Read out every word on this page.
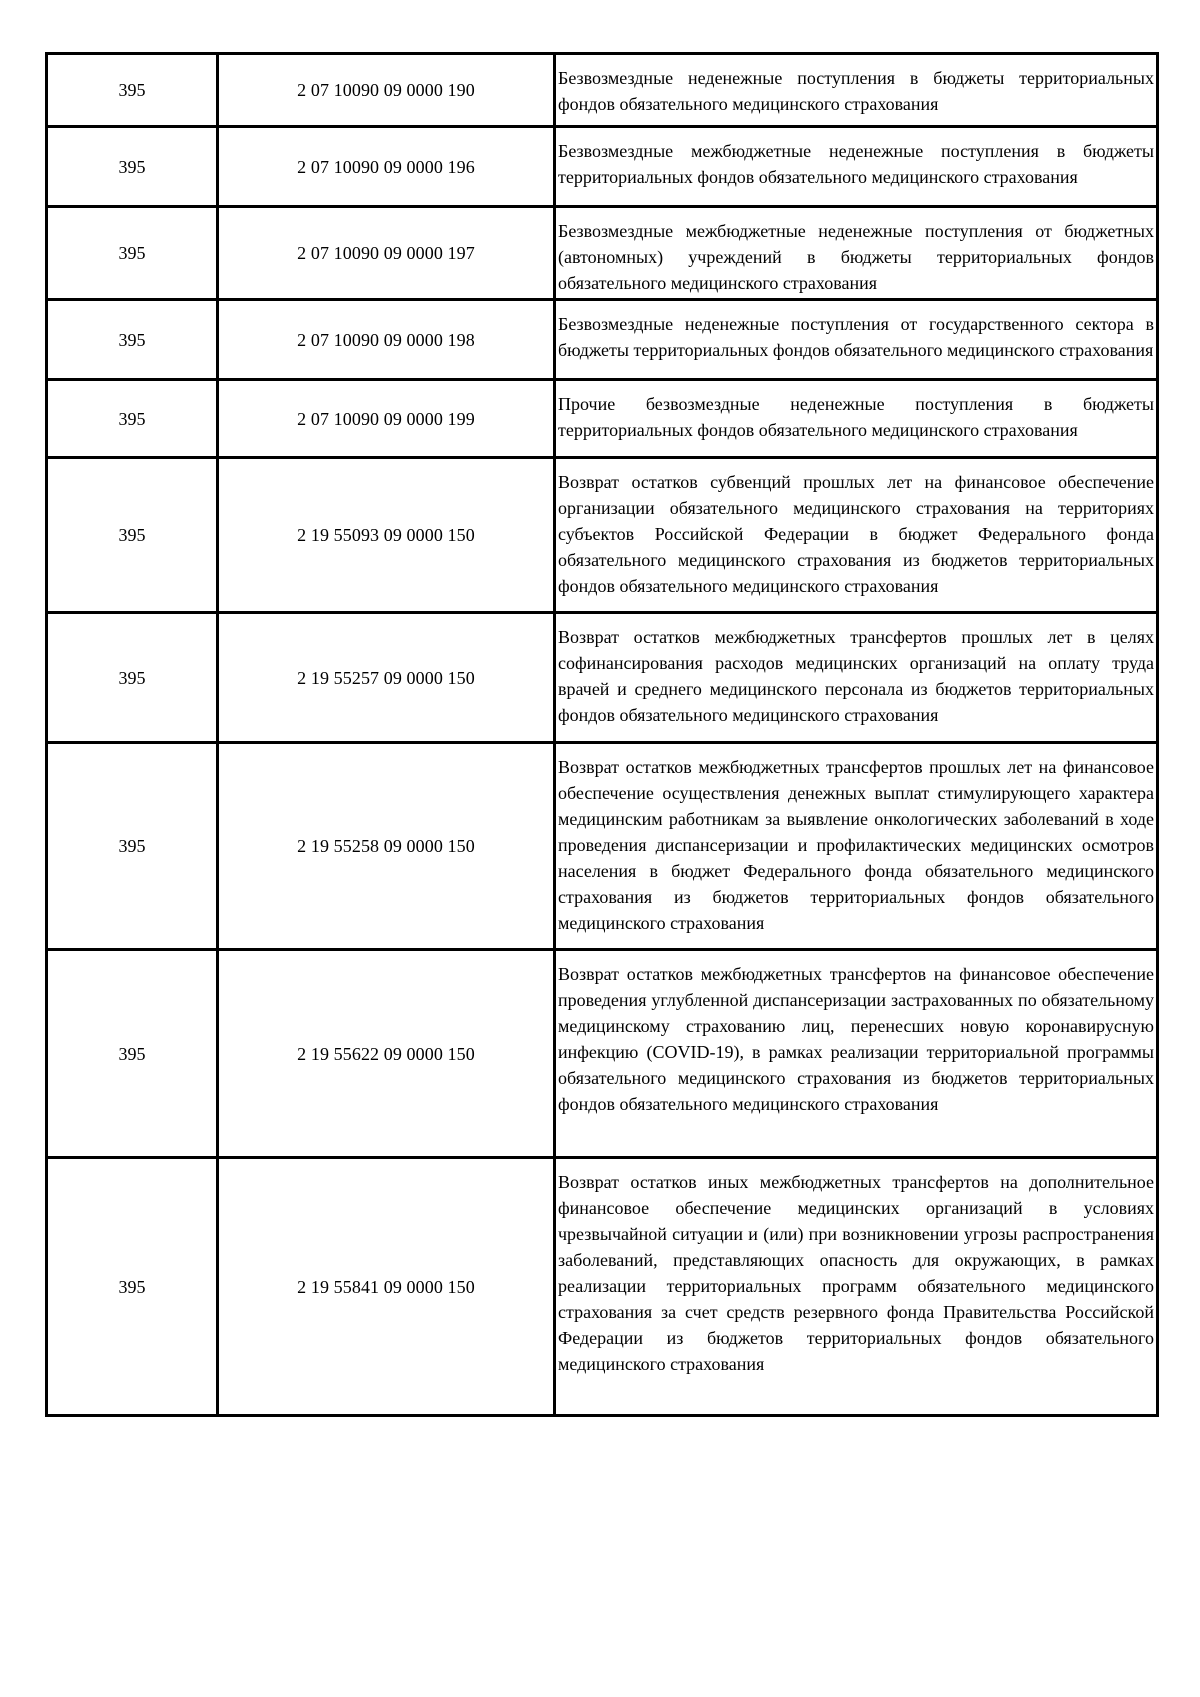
395	2 07 10090 09 0000 190	Безвозмездные неденежные поступления в бюджеты территориальных фондов обязательного медицинского страхования
395	2 07 10090 09 0000 196	Безвозмездные межбюджетные неденежные поступления в бюджеты территориальных фондов обязательного медицинского страхования
395	2 07 10090 09 0000 197	Безвозмездные межбюджетные неденежные поступления от бюджетных (автономных) учреждений в бюджеты территориальных фондов обязательного медицинского страхования
395	2 07 10090 09 0000 198	Безвозмездные неденежные поступления от государственного сектора в бюджеты территориальных фондов обязательного медицинского страхования
395	2 07 10090 09 0000 199	Прочие безвозмездные неденежные поступления в бюджеты территориальных фондов обязательного медицинского страхования
395	2 19 55093 09 0000 150	Возврат остатков субвенций прошлых лет на финансовое обеспечение организации обязательного медицинского страхования на территориях субъектов Российской Федерации в бюджет Федерального фонда обязательного медицинского страхования из бюджетов территориальных фондов обязательного медицинского страхования
395	2 19 55257 09 0000 150	Возврат остатков межбюджетных трансфертов прошлых лет в целях софинансирования расходов медицинских организаций на оплату труда врачей и среднего медицинского персонала из бюджетов территориальных фондов обязательного медицинского страхования
395	2 19 55258 09 0000 150	Возврат остатков межбюджетных трансфертов прошлых лет на финансовое обеспечение осуществления денежных выплат стимулирующего характера медицинским работникам за выявление онкологических заболеваний в ходе проведения диспансеризации и профилактических медицинских осмотров населения в бюджет Федерального фонда обязательного медицинского страхования из бюджетов территориальных фондов обязательного медицинского страхования
395	2 19 55622 09 0000 150	Возврат остатков межбюджетных трансфертов на финансовое обеспечение проведения углубленной диспансеризации застрахованных по обязательному медицинскому страхованию лиц, перенесших новую коронавирусную инфекцию (COVID-19), в рамках реализации территориальной программы обязательного медицинского страхования из бюджетов территориальных фондов обязательного медицинского страхования
395	2 19 55841 09 0000 150	Возврат остатков иных межбюджетных трансфертов на дополнительное финансовое обеспечение медицинских организаций в условиях чрезвычайной ситуации и (или) при возникновении угрозы распространения заболеваний, представляющих опасность для окружающих, в рамках реализации территориальных программ обязательного медицинского страхования за счет средств резервного фонда Правительства Российской Федерации из бюджетов территориальных фондов обязательного медицинского страхования
